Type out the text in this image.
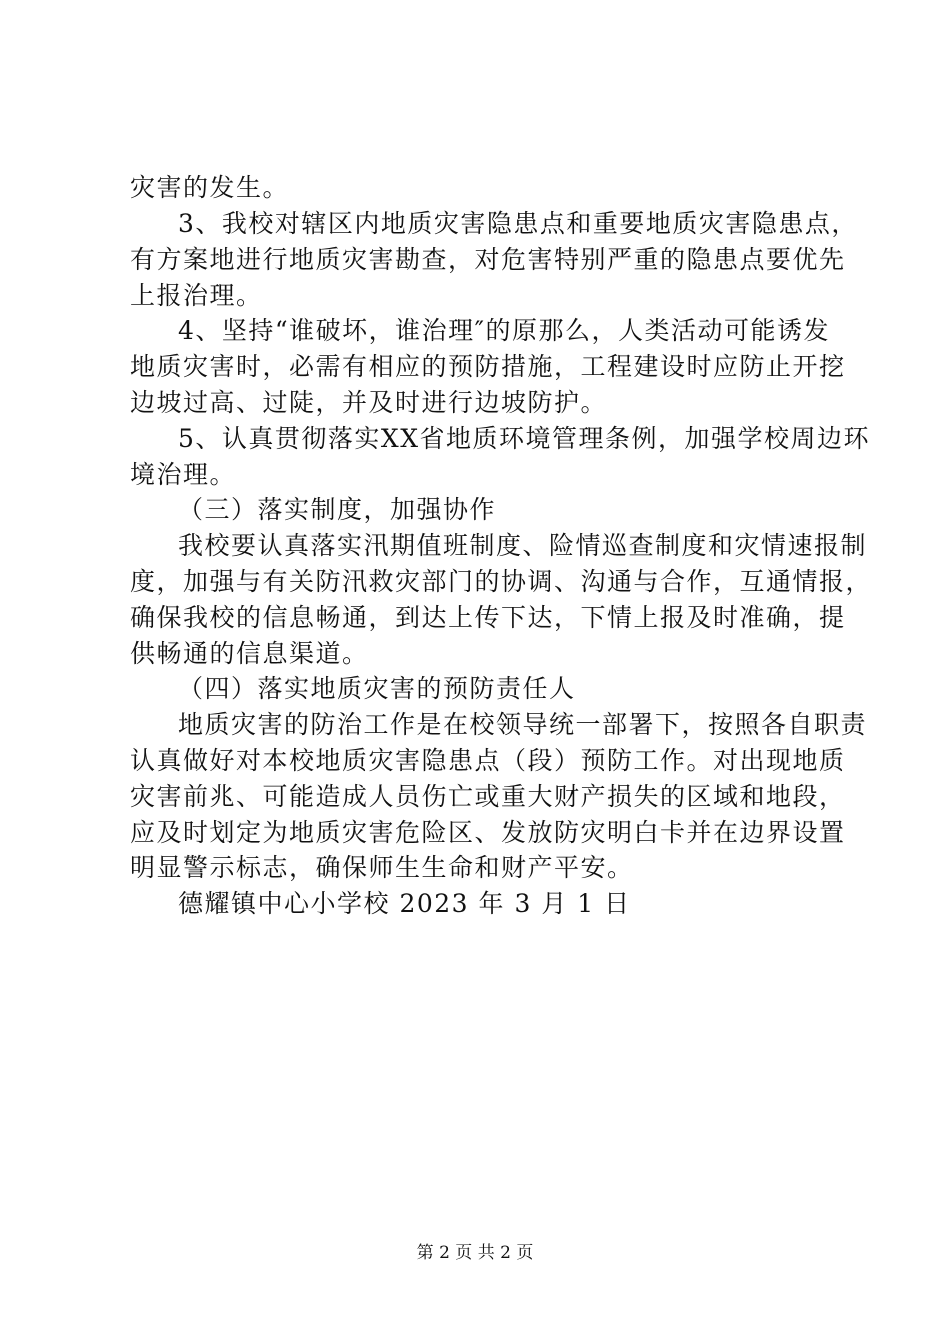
灾害的发生。
3、我校对辖区内地质灾害隐患点和重要地质灾害隐患点，
有方案地进行地质灾害勘查，对危害特别严重的隐患点要优先
上报治理。
4、坚持“谁破坏，谁治理″的原那么，人类活动可能诱发
地质灾害时，必需有相应的预防措施，工程建设时应防止开挖
边坡过高、过陡，并及时进行边坡防护。
5、认真贯彻落实XX省地质环境管理条例，加强学校周边环
境治理。
（三）落实制度，加强协作
我校要认真落实汛期值班制度、险情巡查制度和灾情速报制
度，加强与有关防汛救灾部门的协调、沟通与合作，互通情报，
确保我校的信息畅通，到达上传下达，下情上报及时准确，提
供畅通的信息渠道。
（四）落实地质灾害的预防责任人
地质灾害的防治工作是在校领导统一部署下，按照各自职责
认真做好对本校地质灾害隐患点（段）预防工作。对出现地质
灾害前兆、可能造成人员伤亡或重大财产损失的区域和地段，
应及时划定为地质灾害危险区、发放防灾明白卡并在边界设置
明显警示标志，确保师生生命和财产平安。
德耀镇中心小学校 2023 年 3 月 1 日
第 2 页 共 2 页
